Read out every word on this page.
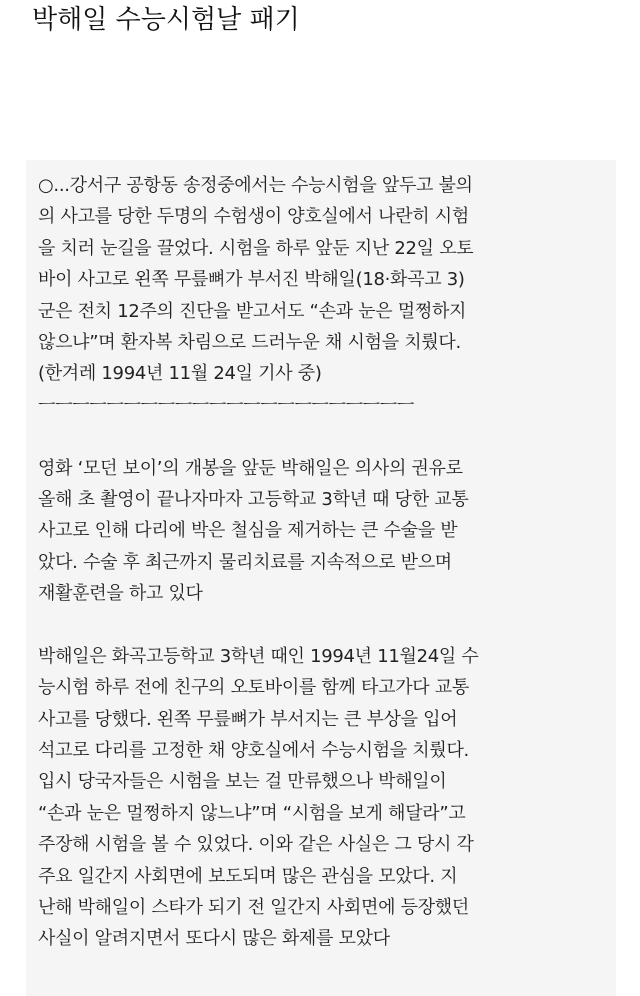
박해일 수능시험날 패기
○...강서구 공항동 송정중에서는 수능시험을 앞두고 불의
의 사고를 당한 두명의 수험생이 양호실에서 나란히 시험
을 치러 눈길을 끌었다. 시험을 하루 앞둔 지난 22일 오토
바이 사고로 왼쪽 무릎뼈가 부서진 박해일(18·화곡고 3)
군은 전치 12주의 진단을 받고서도 “손과 눈은 멀쩡하지
않으냐”며 환자복 차림으로 드러누운 채 시험을 치뤘다.
(한겨레 1994년 11월 24일 기사 중)
ㅡㅡㅡㅡㅡㅡㅡㅡㅡㅡㅡㅡㅡㅡㅡㅡㅡㅡㅡㅡㅡㅡ
영화 ‘모던 보이’의 개봉을 앞둔 박해일은 의사의 권유로
올해 초 촬영이 끝나자마자 고등학교 3학년 때 당한 교통
사고로 인해 다리에 박은 철심을 제거하는 큰 수술을 받
았다. 수술 후 최근까지 물리치료를 지속적으로 받으며
재활훈련을 하고 있다
박해일은 화곡고등학교 3학년 때인 1994년 11월24일 수
능시험 하루 전에 친구의 오토바이를 함께 타고가다 교통
사고를 당했다. 왼쪽 무릎뼈가 부서지는 큰 부상을 입어
석고로 다리를 고정한 채 양호실에서 수능시험을 치뤘다.
입시 당국자들은 시험을 보는 걸 만류했으나 박해일이
“손과 눈은 멀쩡하지 않느냐”며 “시험을 보게 해달라”고
주장해 시험을 볼 수 있었다. 이와 같은 사실은 그 당시 각
주요 일간지 사회면에 보도되며 많은 관심을 모았다. 지
난해 박해일이 스타가 되기 전 일간지 사회면에 등장했던
사실이 알려지면서 또다시 많은 화제를 모았다
